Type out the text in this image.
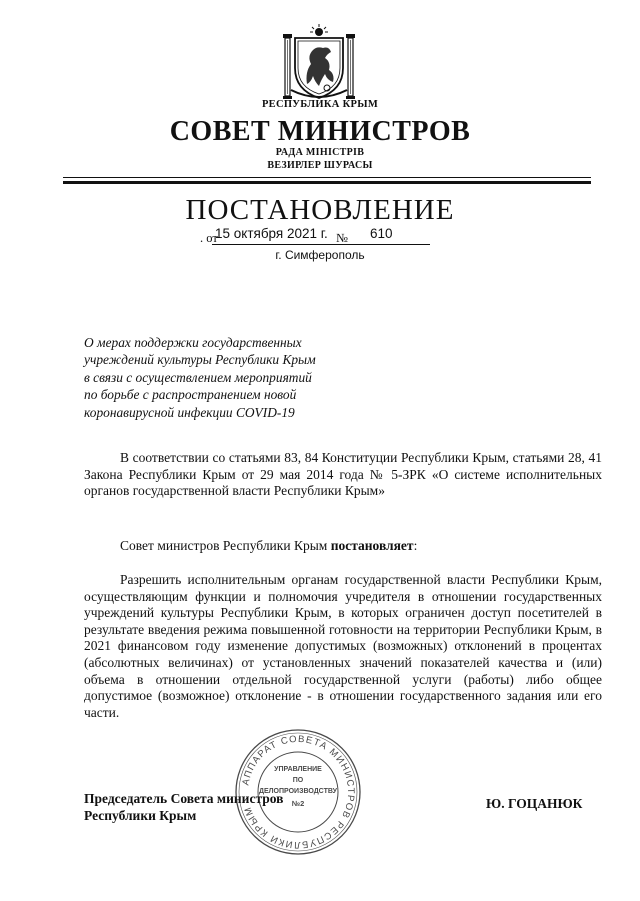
РЕСПУБЛИКА КРЫМ
СОВЕТ МИНИСТРОВ
РАДА МІНІСТРІВ
ВЕЗИРЛЕР ШУРАСЫ
ПОСТАНОВЛЕНИЕ
. от
15 октября 2021 г. № 610
г. Симферополь
О мерах поддержки государственных
учреждений культуры Республики Крым
в связи с осуществлением мероприятий
по борьбе с распространением новой
коронавирусной инфекции COVID-19
В соответствии со статьями 83, 84 Конституции Республики Крым, статьями 28, 41 Закона Республики Крым от 29 мая 2014 года № 5-ЗРК «О системе исполнительных органов государственной власти Республики Крым»
Совет министров Республики Крым постановляет:
Разрешить исполнительным органам государственной власти Республики Крым, осуществляющим функции и полномочия учредителя в отношении государственных учреждений культуры Республики Крым, в которых ограничен доступ посетителей в результате введения режима повышенной готовности на территории Республики Крым, в 2021 финансовом году изменение допустимых (возможных) отклонений в процентах (абсолютных величинах) от установленных значений показателей качества и (или) объема в отношении отдельной государственной услуги (работы) либо общее допустимое (возможное) отклонение - в отношении государственного задания или его части.
Председатель Совета министров
Республики Крым
Ю. ГОЦАНЮК
АППАРАТ СОВЕТА МИНИСТРОВ РЕСПУБЛИКИ КРЫМ
УПРАВЛЕНИЕ
ПО
ДЕЛОПРОИЗВОДСТВУ
№2
